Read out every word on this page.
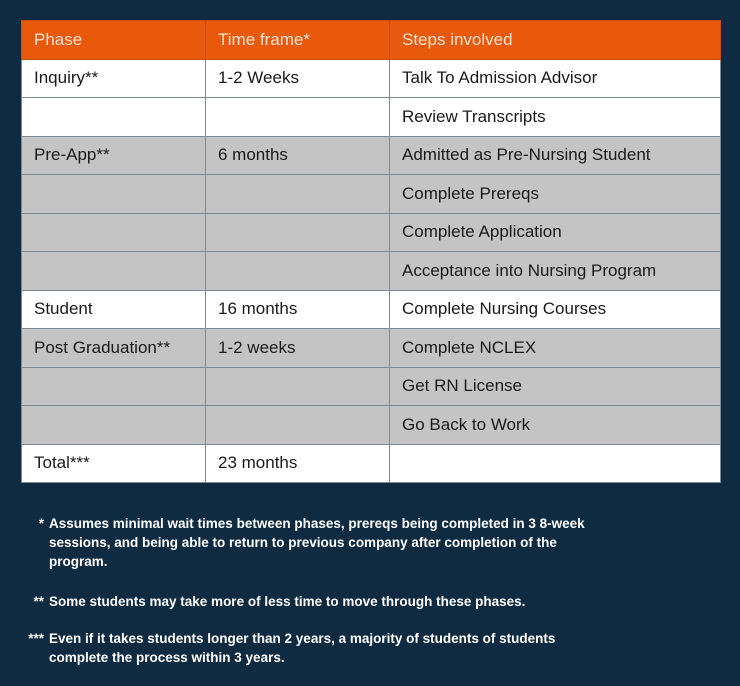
Phase	Time frame*	Steps involved
Inquiry**	1-2 Weeks	Talk To Admission Advisor
		Review Transcripts
Pre-App**	6 months	Admitted as Pre-Nursing Student
		Complete Prereqs
		Complete Application
		Acceptance into Nursing Program
Student	16 months	Complete Nursing Courses
Post Graduation**	1-2 weeks	Complete NCLEX
		Get RN License
		Go Back to Work
Total***	23 months	
* Assumes minimal wait times between phases, prereqs being completed in 3 8-week sessions, and being able to return to previous company after completion of the program.
** Some students may take more of less time to move through these phases.
*** Even if it takes students longer than 2 years, a majority of students of students complete the process within 3 years.
